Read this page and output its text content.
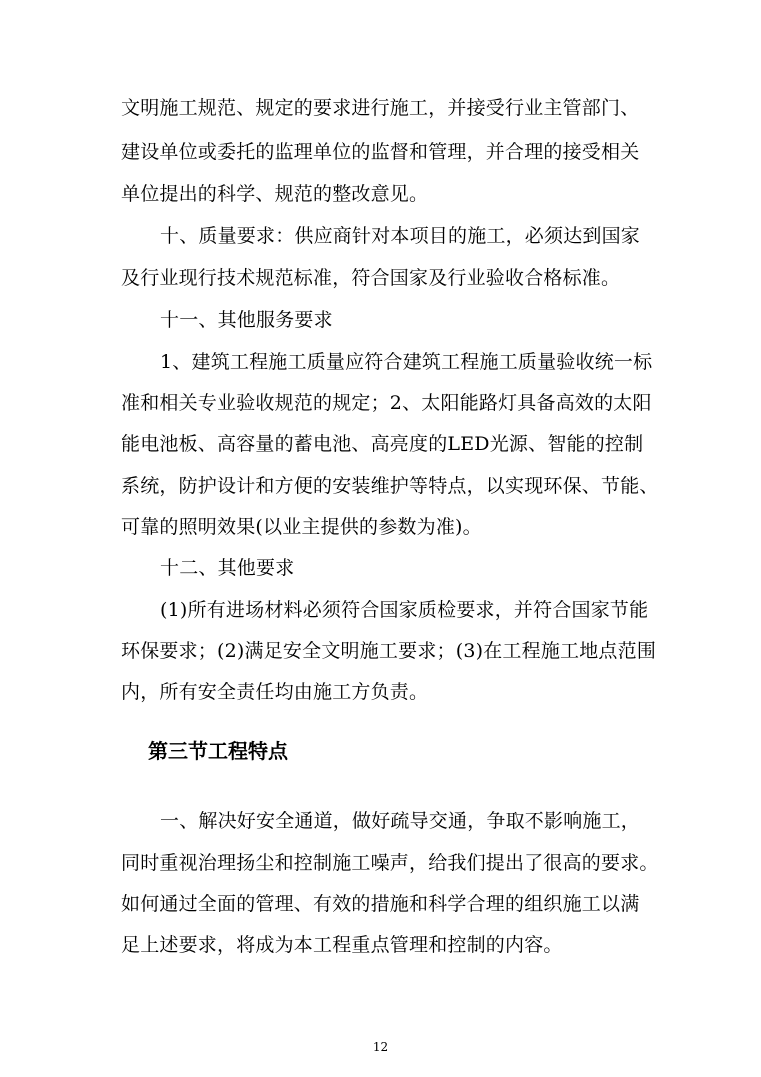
文明施工规范、规定的要求进行施工，并接受行业主管部门、
建设单位或委托的监理单位的监督和管理，并合理的接受相关
单位提出的科学、规范的整改意见。
十、质量要求：供应商针对本项目的施工，必须达到国家
及行业现行技术规范标准，符合国家及行业验收合格标准。
十一、其他服务要求
1、建筑工程施工质量应符合建筑工程施工质量验收统一标
准和相关专业验收规范的规定；2、太阳能路灯具备高效的太阳
能电池板、高容量的蓄电池、高亮度的LED光源、智能的控制
系统，防护设计和方便的安装维护等特点，以实现环保、节能、
可靠的照明效果(以业主提供的参数为准)。
十二、其他要求
(1)所有进场材料必须符合国家质检要求，并符合国家节能
环保要求；(2)满足安全文明施工要求；(3)在工程施工地点范围
内，所有安全责任均由施工方负责。
第三节工程特点
一、解决好安全通道，做好疏导交通，争取不影响施工，
同时重视治理扬尘和控制施工噪声，给我们提出了很高的要求。
如何通过全面的管理、有效的措施和科学合理的组织施工以满
足上述要求，将成为本工程重点管理和控制的内容。
12
